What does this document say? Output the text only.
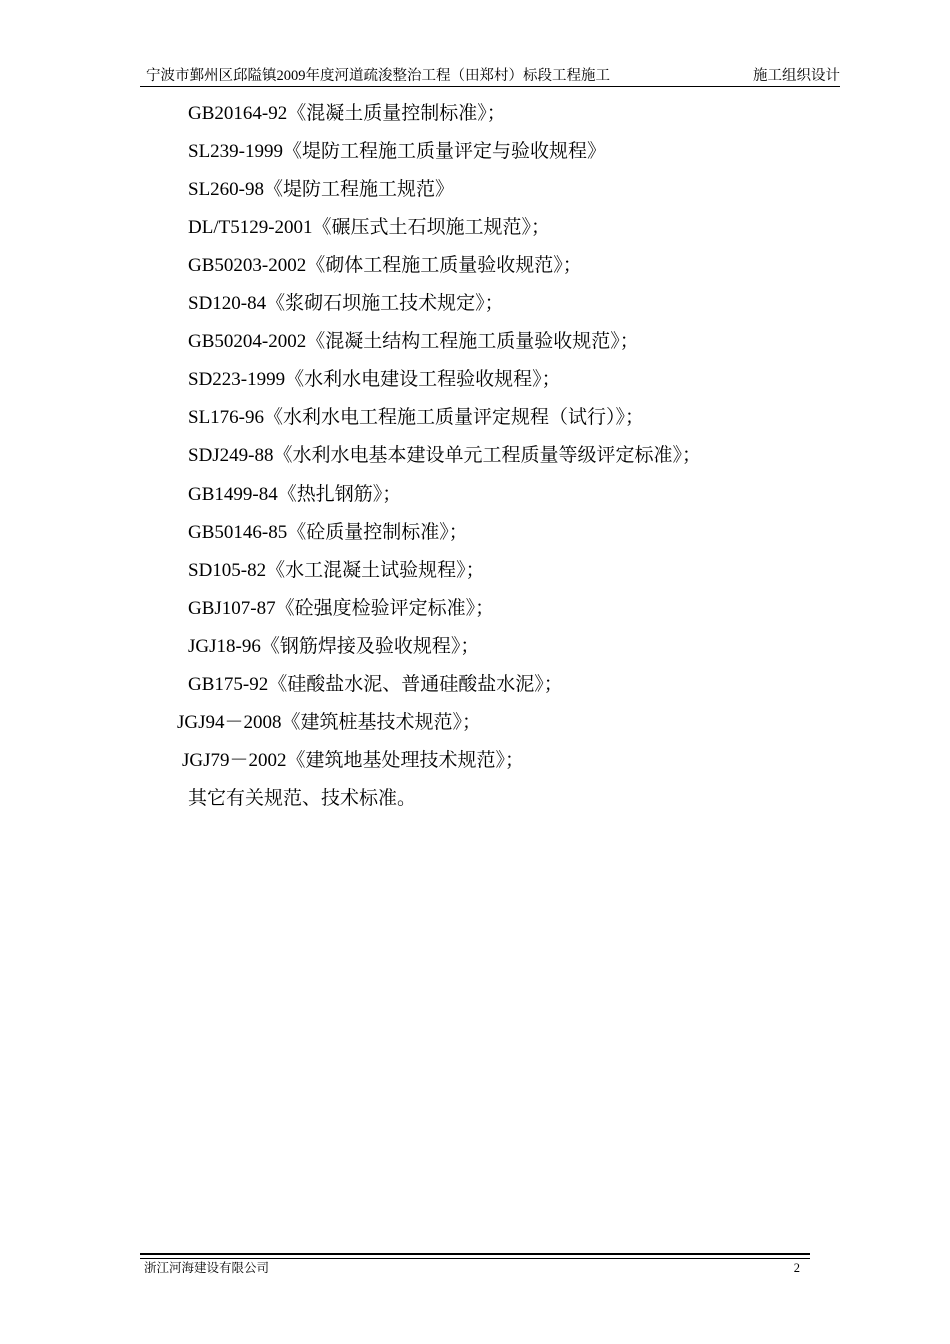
宁波市鄞州区邱隘镇2009年度河道疏浚整治工程（田郑村）标段工程施工	施工组织设计
GB20164-92《混凝土质量控制标准》；
SL239-1999《堤防工程施工质量评定与验收规程》
SL260-98《堤防工程施工规范》
DL/T5129-2001《碾压式土石坝施工规范》；
GB50203-2002《砌体工程施工质量验收规范》；
SD120-84《浆砌石坝施工技术规定》；
GB50204-2002《混凝土结构工程施工质量验收规范》；
SD223-1999《水利水电建设工程验收规程》；
SL176-96《水利水电工程施工质量评定规程（试行）》；
SDJ249-88《水利水电基本建设单元工程质量等级评定标准》；
GB1499-84《热扎钢筋》；
GB50146-85《砼质量控制标准》；
SD105-82《水工混凝土试验规程》；
GBJ107-87《砼强度检验评定标准》；
JGJ18-96《钢筋焊接及验收规程》；
GB175-92《硅酸盐水泥、普通硅酸盐水泥》；
JGJ94－2008《建筑桩基技术规范》；
JGJ79－2002《建筑地基处理技术规范》；
其它有关规范、技术标准。
浙江河海建设有限公司	2
